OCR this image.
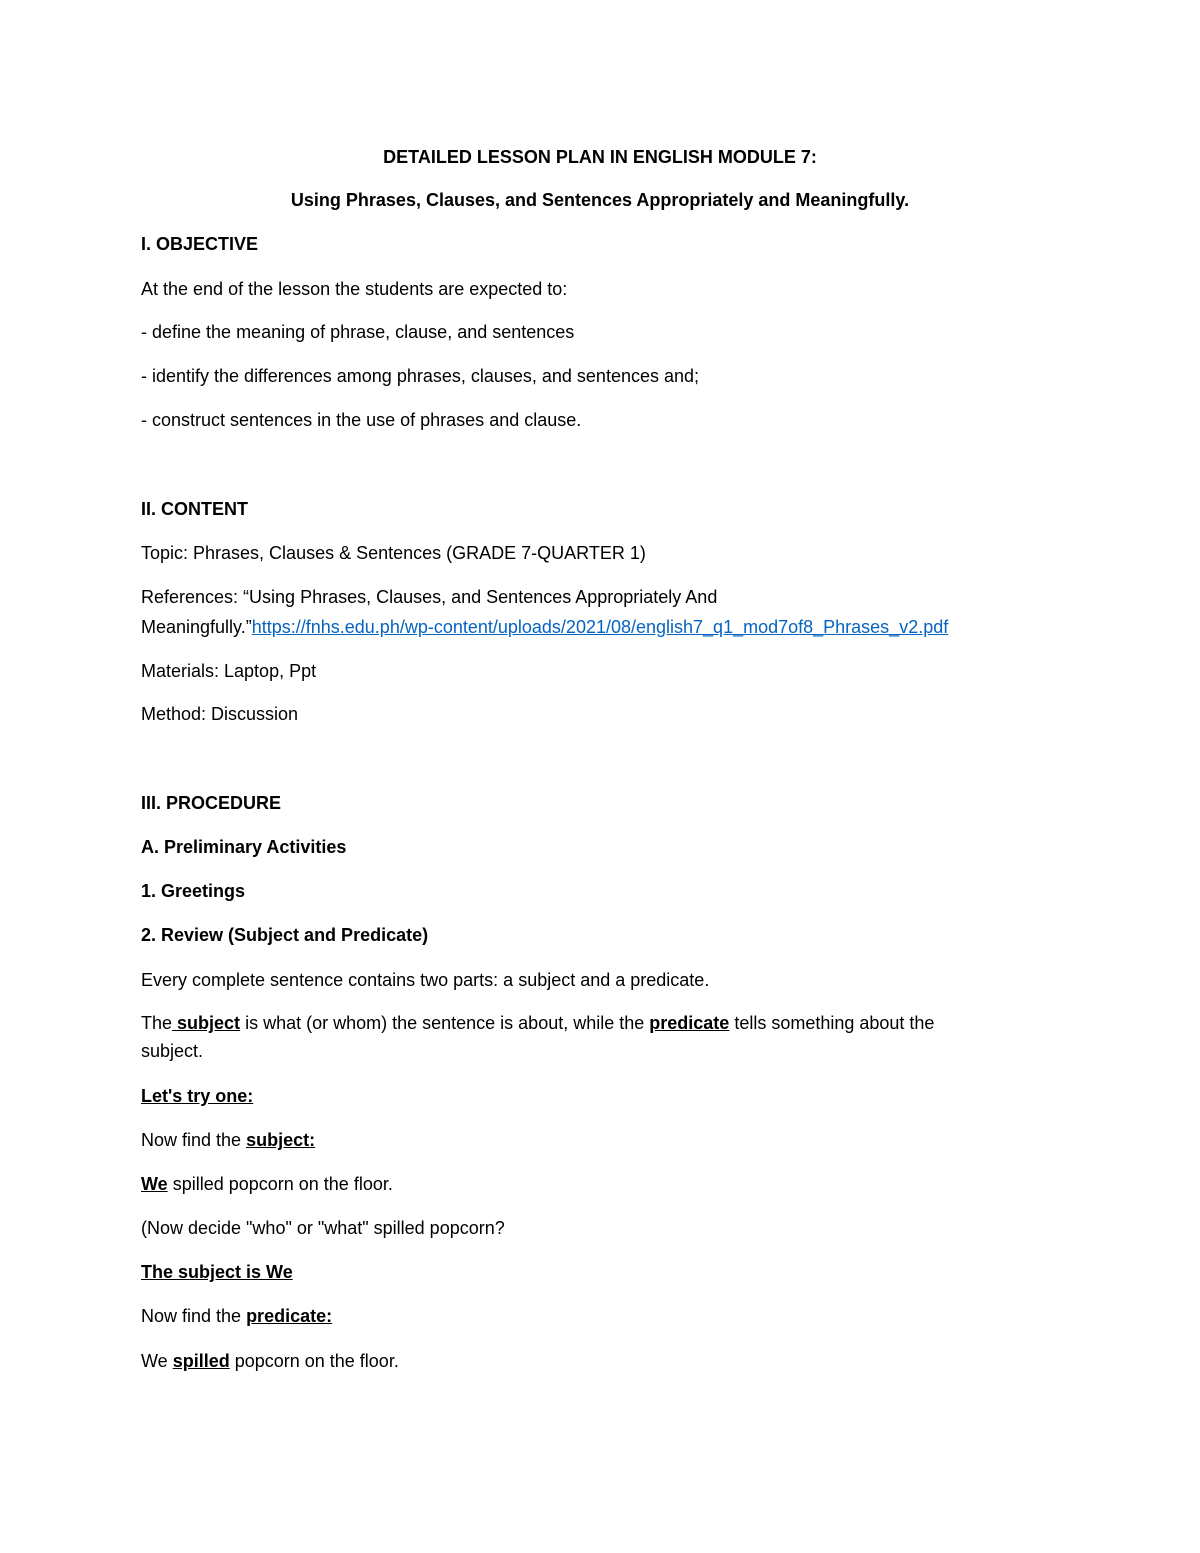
DETAILED LESSON PLAN IN ENGLISH MODULE 7:
Using Phrases, Clauses, and Sentences Appropriately and Meaningfully.
I. OBJECTIVE
At the end of the lesson the students are expected to:
- define the meaning of phrase, clause, and sentences
- identify the differences among phrases, clauses, and sentences and;
- construct sentences in the use of phrases and clause.
II. CONTENT
Topic: Phrases, Clauses & Sentences (GRADE 7-QUARTER 1)
References: “Using Phrases, Clauses, and Sentences Appropriately And
Meaningfully.”https://fnhs.edu.ph/wp-content/uploads/2021/08/english7_q1_mod7of8_Phrases_v2.pdf
Materials: Laptop, Ppt
Method: Discussion
III. PROCEDURE
A. Preliminary Activities
1. Greetings
2. Review (Subject and Predicate)
Every complete sentence contains two parts: a subject and a predicate.
The subject is what (or whom) the sentence is about, while the predicate tells something about the
subject.
Let's try one:
Now find the subject:
We spilled popcorn on the floor.
(Now decide "who" or "what" spilled popcorn?
The subject is We
Now find the predicate:
We spilled popcorn on the floor.
